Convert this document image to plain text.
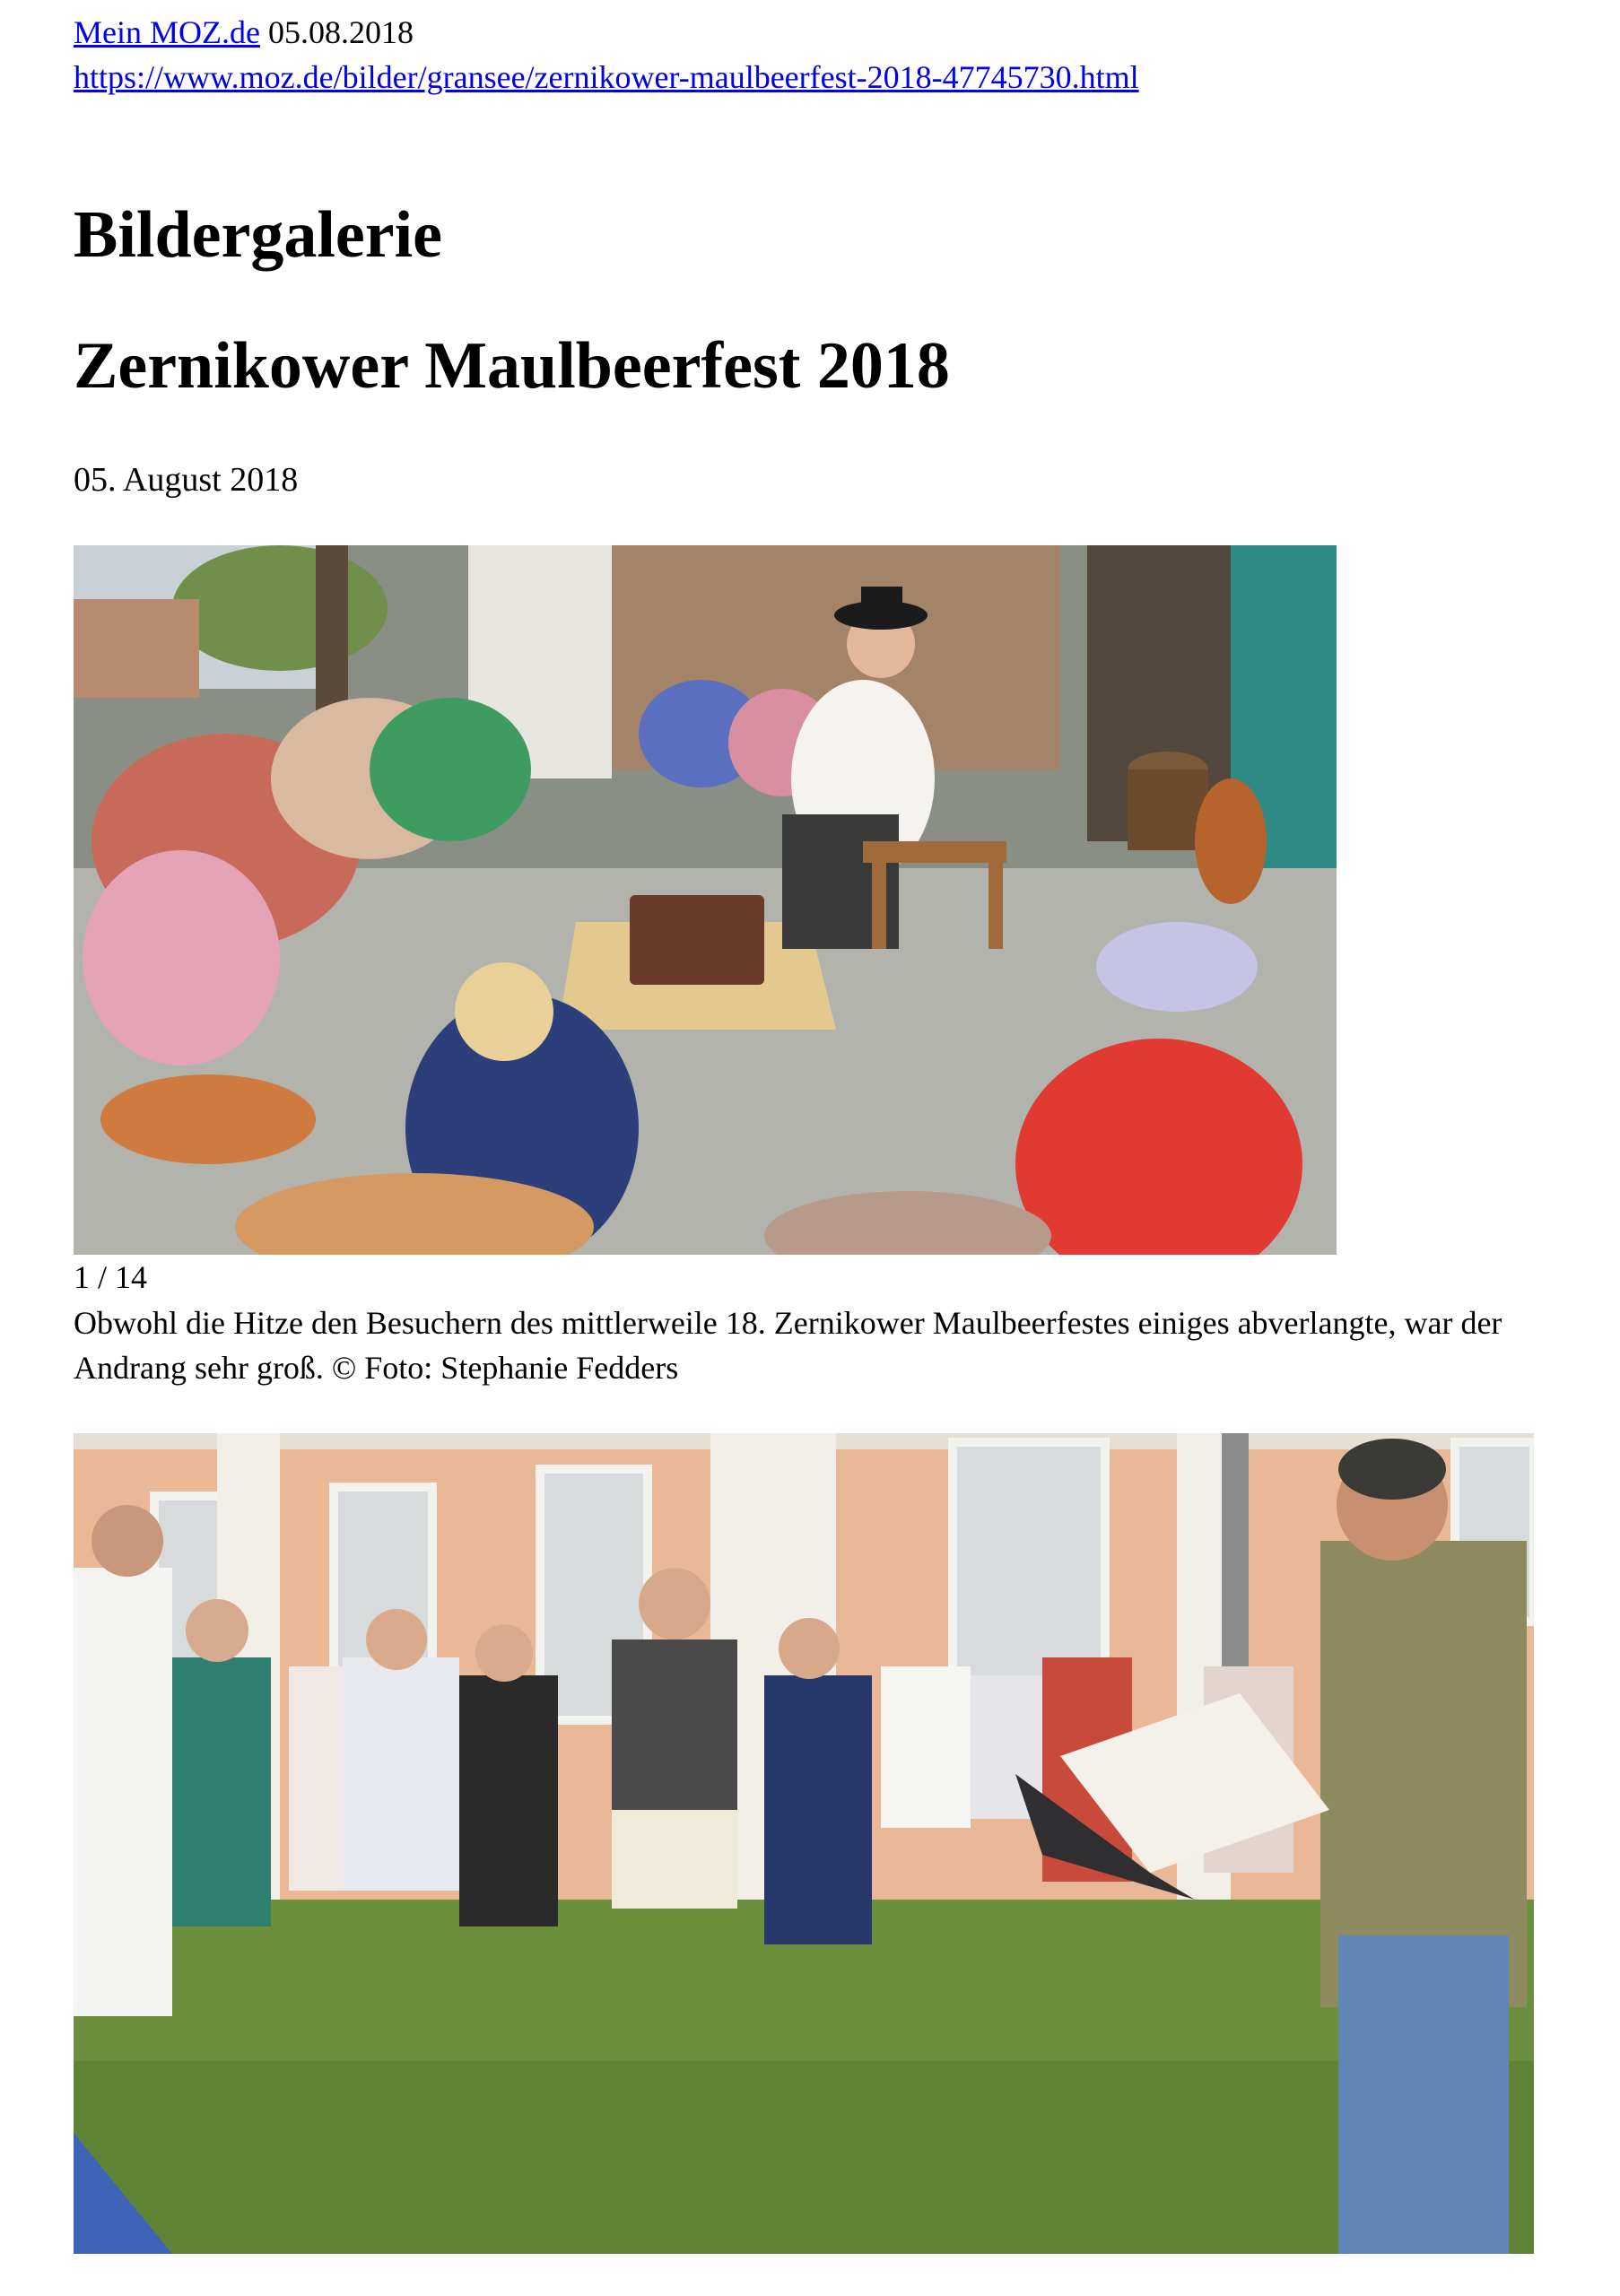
Mein MOZ.de 05.08.2018
https://www.moz.de/bilder/gransee/zernikower-maulbeerfest-2018-47745730.html
Bildergalerie
Zernikower Maulbeerfest 2018
05. August 2018
1 / 14
Obwohl die Hitze den Besuchern des mittlerweile 18. Zernikower Maulbeerfestes einiges abverlangte, war der Andrang sehr groß. © Foto: Stephanie Fedders
